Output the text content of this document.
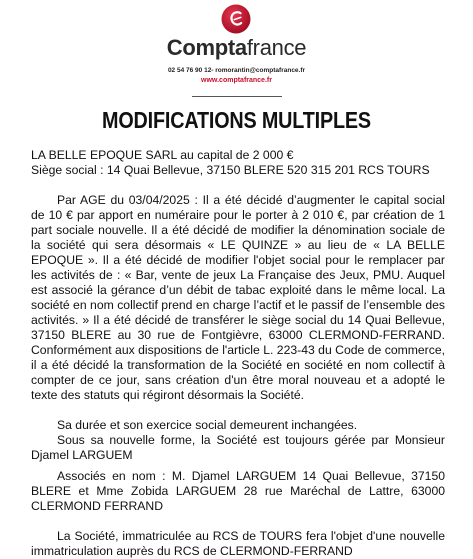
Comptafrance
02 54 76 90 12- romorantin@comptafrance.fr
www.comptafrance.fr
MODIFICATIONS MULTIPLES
LA BELLE EPOQUE SARL au capital de 2 000 €
Siège social : 14 Quai Bellevue, 37150 BLERE 520 315 201 RCS TOURS

Par AGE du 03/04/2025 : Il a été décidé d’augmenter le capital social de 10 € par apport en numéraire pour le porter à 2 010 €, par création de 1 part sociale nouvelle. Il a été décidé de modifier la dénomination sociale de la société qui sera désormais « LE QUINZE » au lieu de « LA BELLE EPOQUE ». Il a été décidé de modifier l'objet social pour le remplacer par les activités de : « Bar, vente de jeux La Française des Jeux, PMU. Auquel est associé la gérance d’un débit de tabac exploité dans le même local. La société en nom collectif prend en charge l’actif et le passif de l’ensemble des activités. » Il a été décidé de transférer le siège social du 14 Quai Bellevue, 37150 BLERE au 30 rue de Fontgièvre, 63000 CLERMOND-FERRAND. Conformément aux dispositions de l'article L. 223-43 du Code de commerce, il a été décidé la transformation de la Société en société en nom collectif à compter de ce jour, sans création d'un être moral nouveau et a adopté le texte des statuts qui régiront désormais la Société.

Sa durée et son exercice social demeurent inchangées.

Sous sa nouvelle forme, la Société est toujours gérée par Monsieur Djamel LARGUEM

Associés en nom : M. Djamel LARGUEM 14 Quai Bellevue, 37150 BLERE et Mme Zobida LARGUEM 28 rue Maréchal de Lattre, 63000 CLERMOND FERRAND

La Société, immatriculée au RCS de TOURS fera l'objet d'une nouvelle immatriculation auprès du RCS de CLERMOND-FERRAND
